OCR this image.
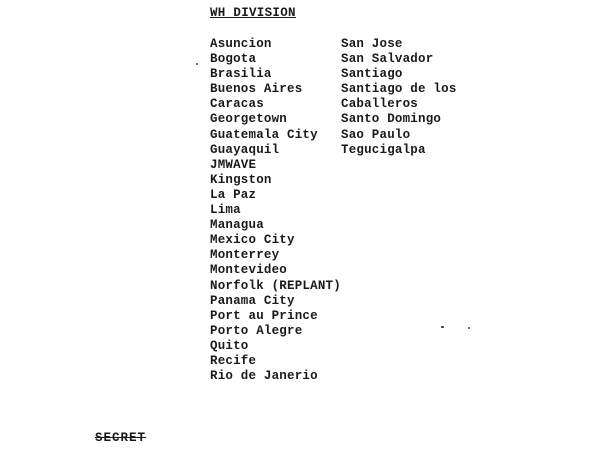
WH DIVISION
Asuncion
Bogota
Brasilia
Buenos Aires
Caracas
Georgetown
Guatemala City
Guayaquil
JMWAVE
Kingston
La Paz
Lima
Managua
Mexico City
Monterrey
Montevideo
Norfolk (REPLANT)
Panama City
Port au Prince
Porto Alegre
Quito
Recife
Rio de Janerio
San Jose
San Salvador
Santiago
Santiago de los
Caballeros
Santo Domingo
Sao Paulo
Tegucigalpa
SECRET
